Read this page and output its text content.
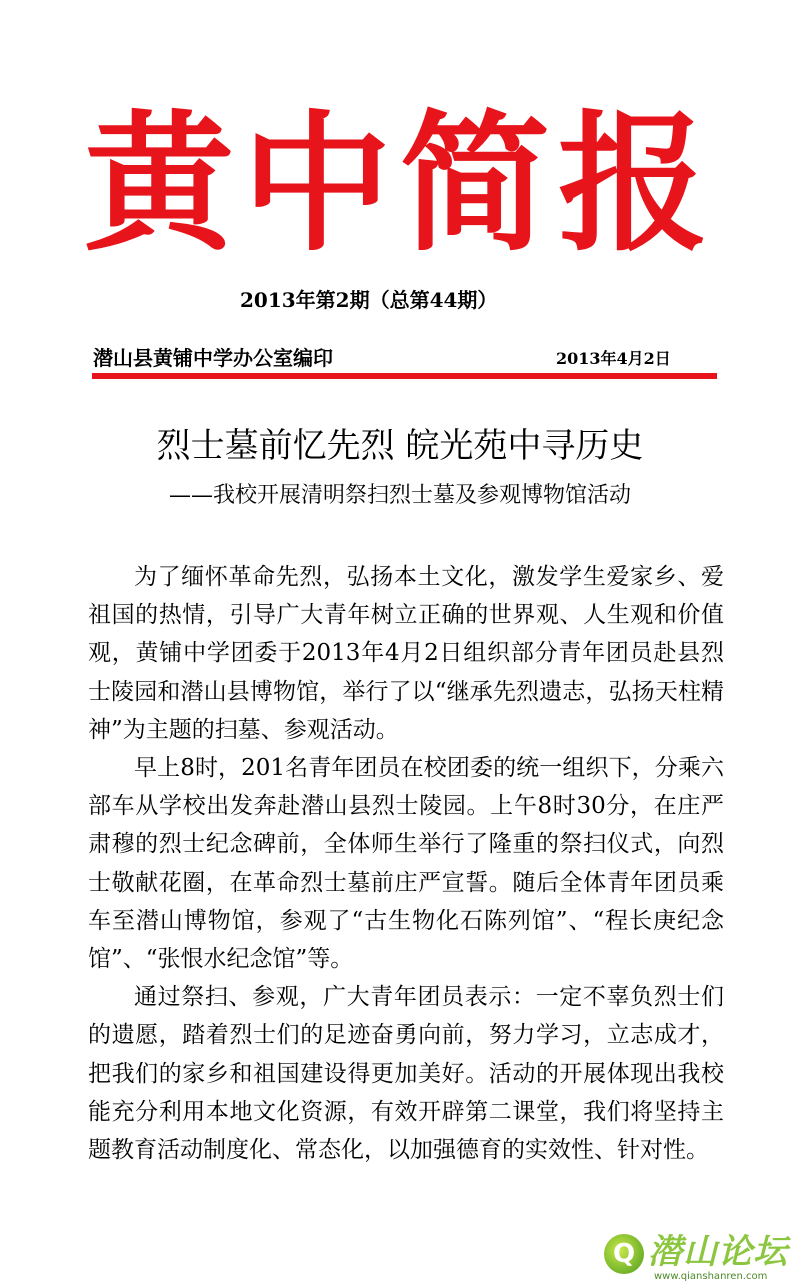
黄中简报
2013年第2期（总第44期）
潜山县黄铺中学办公室编印	2013年4月2日
烈士墓前忆先烈 皖光苑中寻历史
——我校开展清明祭扫烈士墓及参观博物馆活动

为了缅怀革命先烈，弘扬本土文化，激发学生爱家乡、爱祖国的热情，引导广大青年树立正确的世界观、人生观和价值观，黄铺中学团委于2013年4月2日组织部分青年团员赴县烈士陵园和潜山县博物馆，举行了以“继承先烈遗志，弘扬天柱精神”为主题的扫墓、参观活动。

早上8时，201名青年团员在校团委的统一组织下，分乘六部车从学校出发奔赴潜山县烈士陵园。上午8时30分，在庄严肃穆的烈士纪念碑前，全体师生举行了隆重的祭扫仪式，向烈士敬献花圈，在革命烈士墓前庄严宣誓。随后全体青年团员乘车至潜山博物馆，参观了“古生物化石陈列馆”、“程长庚纪念馆”、“张恨水纪念馆”等。

通过祭扫、参观，广大青年团员表示：一定不辜负烈士们的遗愿，踏着烈士们的足迹奋勇向前，努力学习，立志成才，把我们的家乡和祖国建设得更加美好。活动的开展体现出我校能充分利用本地文化资源，有效开辟第二课堂，我们将坚持主题教育活动制度化、常态化，以加强德育的实效性、针对性。

Q 潜山论坛
www.qianshanren.com
